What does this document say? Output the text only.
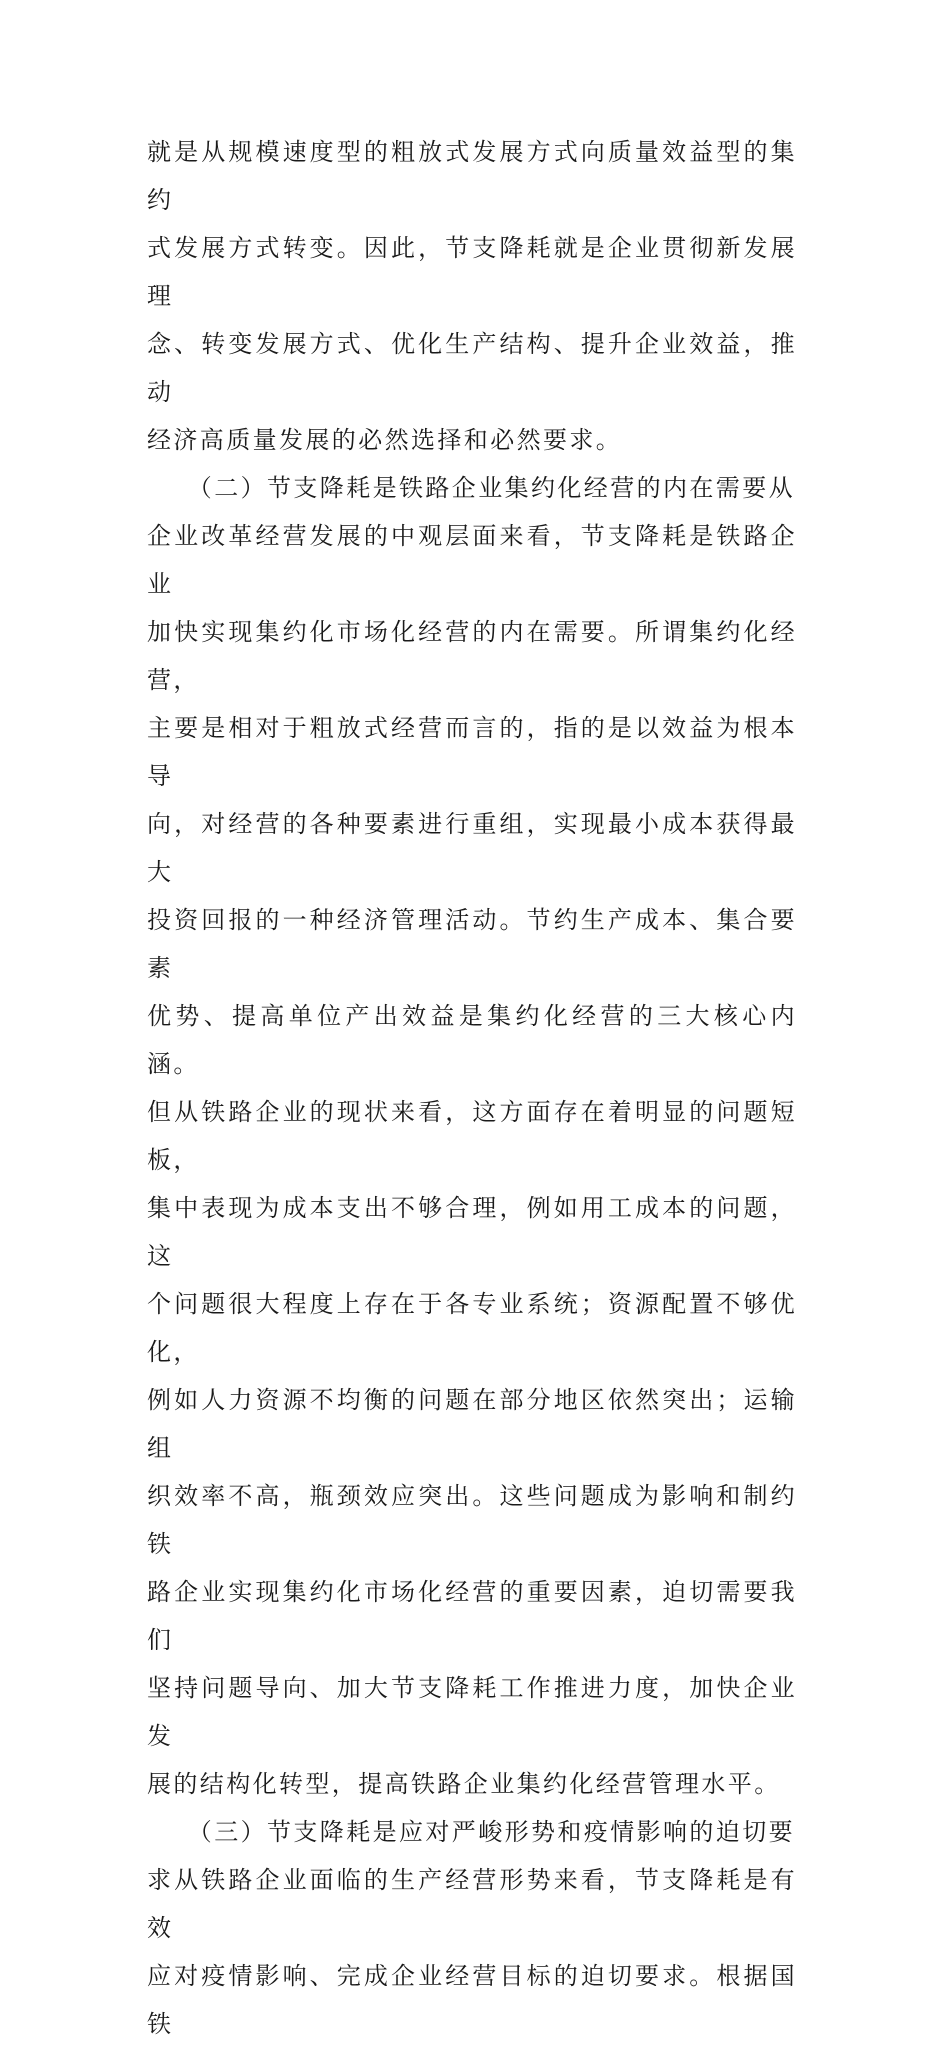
就是从规模速度型的粗放式发展方式向质量效益型的集约
式发展方式转变。因此，节支降耗就是企业贯彻新发展理
念、转变发展方式、优化生产结构、提升企业效益，推动
经济高质量发展的必然选择和必然要求。

　　（二）节支降耗是铁路企业集约化经营的内在需要从
企业改革经营发展的中观层面来看，节支降耗是铁路企业
加快实现集约化市场化经营的内在需要。所谓集约化经营，
主要是相对于粗放式经营而言的，指的是以效益为根本导
向，对经营的各种要素进行重组，实现最小成本获得最大
投资回报的一种经济管理活动。节约生产成本、集合要素
优势、提高单位产出效益是集约化经营的三大核心内涵。
但从铁路企业的现状来看，这方面存在着明显的问题短板，
集中表现为成本支出不够合理，例如用工成本的问题，这
个问题很大程度上存在于各专业系统；资源配置不够优化，
例如人力资源不均衡的问题在部分地区依然突出；运输组
织效率不高，瓶颈效应突出。这些问题成为影响和制约铁
路企业实现集约化市场化经营的重要因素，迫切需要我们
坚持问题导向、加大节支降耗工作推进力度，加快企业发
展的结构化转型，提高铁路企业集约化经营管理水平。

　　（三）节支降耗是应对严峻形势和疫情影响的迫切要
求从铁路企业面临的生产经营形势来看，节支降耗是有效
应对疫情影响、完成企业经营目标的迫切要求。根据国铁
